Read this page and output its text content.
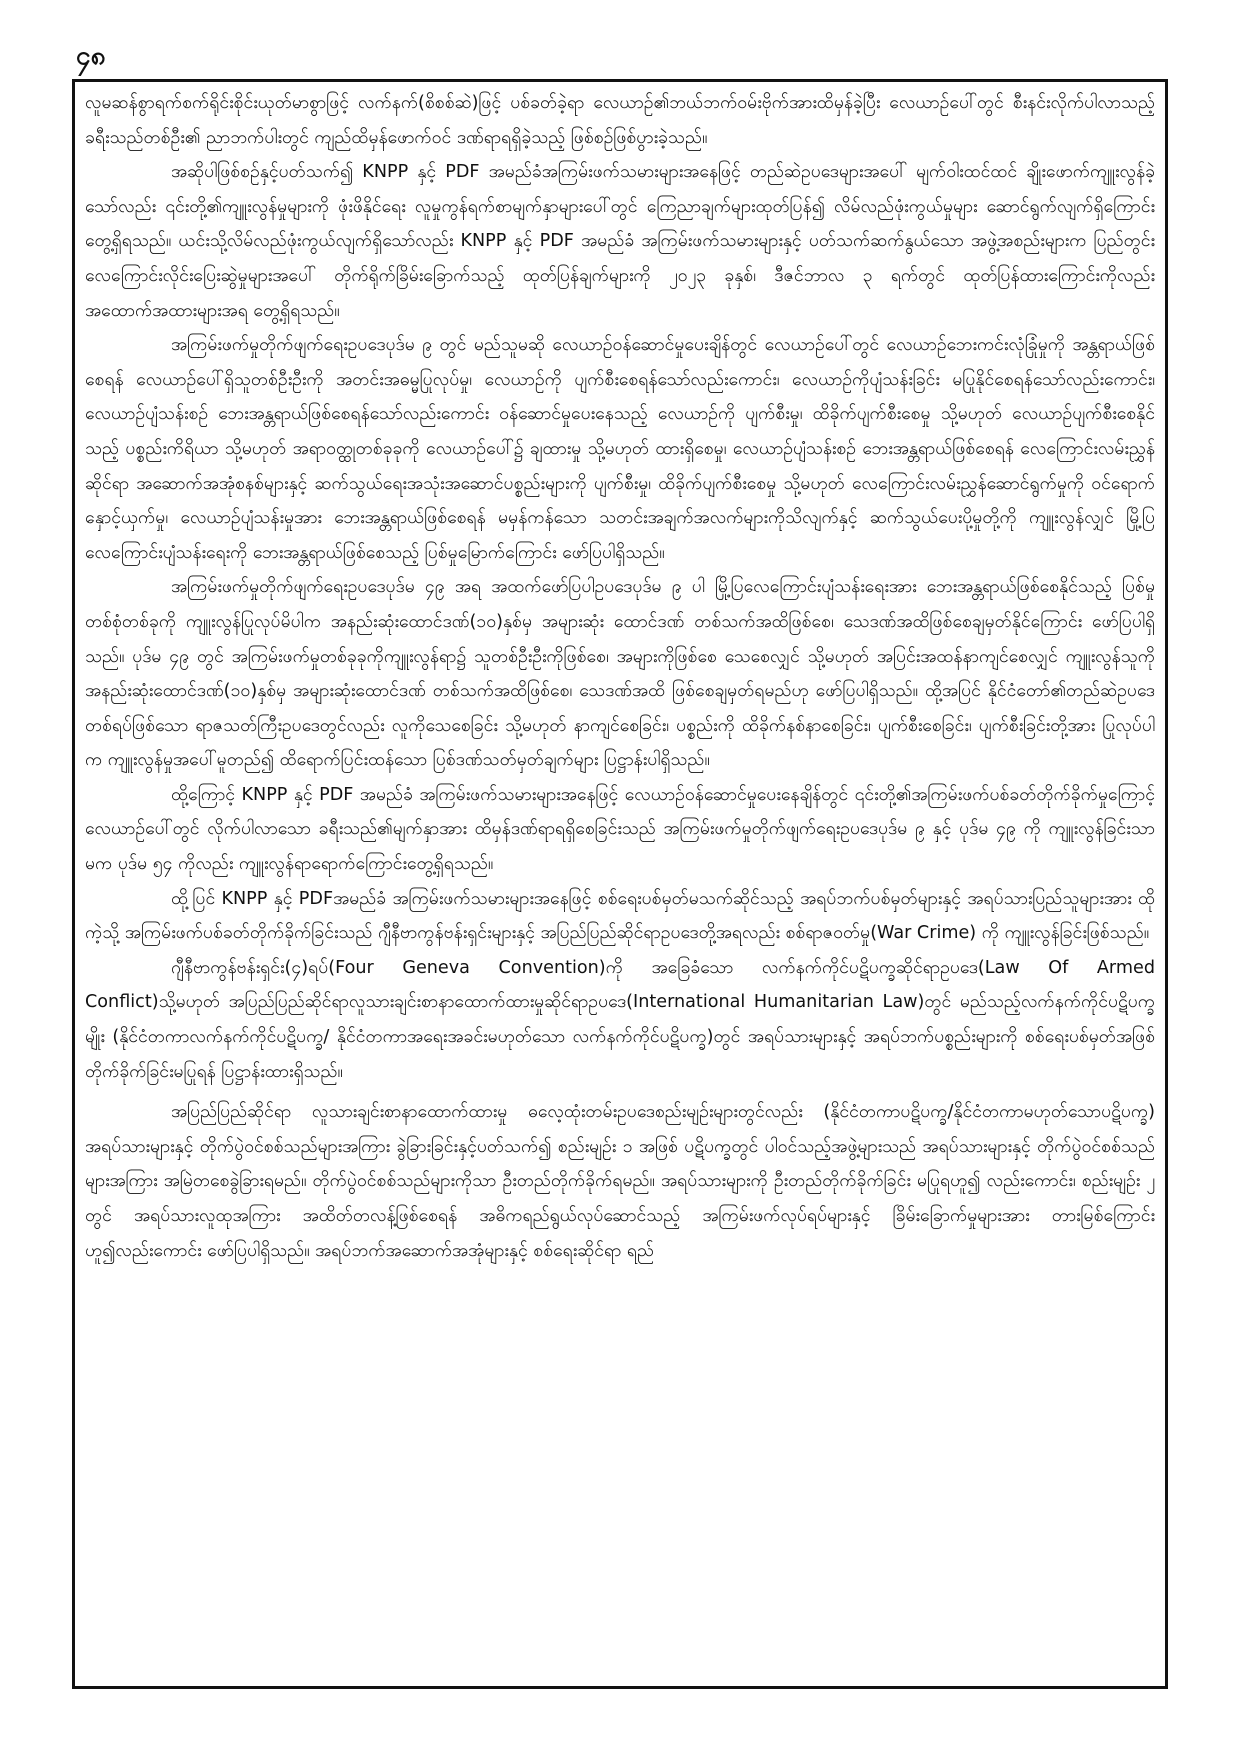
၄၈

လူမဆန်စွာရက်စက်ရိုင်းစိုင်းယုတ်မာစွာဖြင့် လက်နက်(စိစစ်ဆဲ)ဖြင့် ပစ်ခတ်ခဲ့ရာ လေယာဉ်၏ဘယ်ဘက်ဝမ်းဗိုက်အားထိမှန်ခဲ့ပြီး လေယာဉ်ပေါ်တွင် စီးနင်းလိုက်ပါလာသည့် ခရီးသည်တစ်ဦး၏ ညာဘက်ပါးတွင် ကျည်ထိမှန်ဖောက်ဝင် ဒဏ်ရာရရှိခဲ့သည့် ဖြစ်စဉ်ဖြစ်ပွားခဲ့သည်။

အဆိုပါဖြစ်စဉ်နှင့်ပတ်သက်၍ KNPP နှင့် PDF အမည်ခံအကြမ်းဖက်သမားများအနေဖြင့် တည်ဆဲဥပဒေများအပေါ် မျက်ဝါးထင်ထင် ချိုးဖောက်ကျူးလွန်ခဲ့သော်လည်း ၎င်းတို့၏ကျူးလွန်မှုများကို ဖုံးဖိနိုင်ရေး လူမှုကွန်ရက်စာမျက်နှာများပေါ်တွင် ကြေညာချက်များထုတ်ပြန်၍ လိမ်လည်ဖုံးကွယ်မှုများ ဆောင်ရွက်လျက်ရှိကြောင်း တွေ့ရှိရသည်။ ယင်းသို့လိမ်လည်ဖုံးကွယ်လျက်ရှိသော်လည်း KNPP နှင့် PDF အမည်ခံ အကြမ်းဖက်သမားများနှင့် ပတ်သက်ဆက်နွယ်သော အဖွဲ့အစည်းများက ပြည်တွင်း လေကြောင်းလိုင်းပြေးဆွဲမှုများအပေါ် တိုက်ရိုက်ခြိမ်းခြောက်သည့် ထုတ်ပြန်ချက်များကို ၂၀၂၃ ခုနှစ်၊ ဒီဇင်ဘာလ ၃ ရက်တွင် ထုတ်ပြန်ထားကြောင်းကိုလည်း အထောက်အထားများအရ တွေ့ရှိရသည်။

အကြမ်းဖက်မှုတိုက်ဖျက်ရေးဥပဒေပုဒ်မ ၉ တွင် မည်သူမဆို လေယာဉ်ဝန်ဆောင်မှုပေးချိန်တွင် လေယာဉ်ပေါ်တွင် လေယာဉ်ဘေးကင်းလုံခြုံမှုကို အန္တရာယ်ဖြစ်စေရန် လေယာဉ်ပေါ်ရှိသူတစ်ဦးဦးကို အတင်းအဓမ္မပြုလုပ်မှု၊ လေယာဉ်ကို ပျက်စီးစေရန်သော်လည်းကောင်း၊ လေယာဉ်ကိုပျံသန်းခြင်း မပြုနိုင်စေရန်သော်လည်းကောင်း၊ လေယာဉ်ပျံသန်းစဉ် ဘေးအန္တရာယ်ဖြစ်စေရန်သော်လည်းကောင်း ဝန်ဆောင်မှုပေးနေသည့် လေယာဉ်ကို ပျက်စီးမှု၊ ထိခိုက်ပျက်စီးစေမှု သို့မဟုတ် လေယာဉ်ပျက်စီးစေနိုင်သည့် ပစ္စည်းကိရိယာ သို့မဟုတ် အရာဝတ္ထုတစ်ခုခုကို လေယာဉ်ပေါ်၌ ချထားမှု သို့မဟုတ် ထားရှိစေမှု၊ လေယာဉ်ပျံသန်းစဉ် ဘေးအန္တရာယ်ဖြစ်စေရန် လေကြောင်းလမ်းညွှန်ဆိုင်ရာ အဆောက်အအုံစနစ်များနှင့် ဆက်သွယ်ရေးအသုံးအဆောင်ပစ္စည်းများကို ပျက်စီးမှု၊ ထိခိုက်ပျက်စီးစေမှု သို့မဟုတ် လေကြောင်းလမ်းညွှန်ဆောင်ရွက်မှုကို ဝင်ရောက်နှောင့်ယှက်မှု၊ လေယာဉ်ပျံသန်းမှုအား ဘေးအန္တရာယ်ဖြစ်စေရန် မမှန်ကန်သော သတင်းအချက်အလက်များကိုသိလျက်နှင့် ဆက်သွယ်ပေးပို့မှုတို့ကို ကျူးလွန်လျှင် မြို့ပြလေကြောင်းပျံသန်းရေးကို ဘေးအန္တရာယ်ဖြစ်စေသည့် ပြစ်မှုမြောက်ကြောင်း ဖော်ပြပါရှိသည်။

အကြမ်းဖက်မှုတိုက်ဖျက်ရေးဥပဒေပုဒ်မ ၄၉ အရ အထက်ဖော်ပြပါဥပဒေပုဒ်မ ၉ ပါ မြို့ပြလေကြောင်းပျံသန်းရေးအား ဘေးအန္တရာယ်ဖြစ်စေနိုင်သည့် ပြစ်မှုတစ်စုံတစ်ခုကို ကျူးလွန်ပြုလုပ်မိပါက အနည်းဆုံးထောင်ဒဏ်(၁၀)နှစ်မှ အများဆုံး ထောင်ဒဏ် တစ်သက်အထိဖြစ်စေ၊ သေဒဏ်အထိဖြစ်စေချမှတ်နိုင်ကြောင်း ဖော်ပြပါရှိသည်။ ပုဒ်မ ၄၉ တွင် အကြမ်းဖက်မှုတစ်ခုခုကိုကျူးလွန်ရာ၌ သူတစ်ဦးဦးကိုဖြစ်စေ၊ အများကိုဖြစ်စေ သေစေလျှင် သို့မဟုတ် အပြင်းအထန်နာကျင်စေလျှင် ကျူးလွန်သူကို အနည်းဆုံးထောင်ဒဏ်(၁၀)နှစ်မှ အများဆုံးထောင်ဒဏ် တစ်သက်အထိဖြစ်စေ၊ သေဒဏ်အထိ ဖြစ်စေချမှတ်ရမည်ဟု ဖော်ပြပါရှိသည်။ ထို့အပြင် နိုင်ငံတော်၏တည်ဆဲဥပဒေတစ်ရပ်ဖြစ်သော ရာဇသတ်ကြီးဥပဒေတွင်လည်း လူကိုသေစေခြင်း သို့မဟုတ် နာကျင်စေခြင်း၊ ပစ္စည်းကို ထိခိုက်နစ်နာစေခြင်း၊ ပျက်စီးစေခြင်း၊ ပျက်စီးခြင်းတို့အား ပြုလုပ်ပါက ကျူးလွန်မှုအပေါ်မူတည်၍ ထိရောက်ပြင်းထန်သော ပြစ်ဒဏ်သတ်မှတ်ချက်များ ပြဋ္ဌာန်းပါရှိသည်။

ထို့ကြောင့် KNPP နှင့် PDF အမည်ခံ အကြမ်းဖက်သမားများအနေဖြင့် လေယာဉ်ဝန်ဆောင်မှုပေးနေချိန်တွင် ၎င်းတို့၏အကြမ်းဖက်ပစ်ခတ်တိုက်ခိုက်မှုကြောင့် လေယာဉ်ပေါ်တွင် လိုက်ပါလာသော ခရီးသည်၏မျက်နှာအား ထိမှန်ဒဏ်ရာရရှိစေခြင်းသည် အကြမ်းဖက်မှုတိုက်ဖျက်ရေးဥပဒေပုဒ်မ ၉ နှင့် ပုဒ်မ ၄၉ ကို ကျူးလွန်ခြင်းသာမက ပုဒ်မ ၅၄ ကိုလည်း ကျူးလွန်ရာရောက်ကြောင်းတွေ့ရှိရသည်။

ထို့ပြင် KNPP နှင့် PDFအမည်ခံ အကြမ်းဖက်သမားများအနေဖြင့် စစ်ရေးပစ်မှတ်မသက်ဆိုင်သည့် အရပ်ဘက်ပစ်မှတ်များနှင့် အရပ်သားပြည်သူများအား ထိုကဲ့သို့ အကြမ်းဖက်ပစ်ခတ်တိုက်ခိုက်ခြင်းသည် ဂျီနီဗာကွန်ဗန်းရှင်းများနှင့် အပြည်ပြည်ဆိုင်ရာဥပဒေတို့အရလည်း စစ်ရာဇဝတ်မှု(War Crime) ကို ကျူးလွန်ခြင်းဖြစ်သည်။

ဂျီနီဗာကွန်ဗန်းရှင်း(၄)ရပ်(Four Geneva Convention)ကို အခြေခံသော လက်နက်ကိုင်ပဋိပက္ခဆိုင်ရာဥပဒေ(Law Of Armed Conflict)သို့မဟုတ် အပြည်ပြည်ဆိုင်ရာလူသားချင်းစာနာထောက်ထားမှုဆိုင်ရာဥပဒေ(International Humanitarian Law)တွင် မည်သည့်လက်နက်ကိုင်ပဋိပက္ခမျိုး (နိုင်ငံတကာလက်နက်ကိုင်ပဋိပက္ခ/ နိုင်ငံတကာအရေးအခင်းမဟုတ်သော လက်နက်ကိုင်ပဋိပက္ခ)တွင် အရပ်သားများနှင့် အရပ်ဘက်ပစ္စည်းများကို စစ်ရေးပစ်မှတ်အဖြစ် တိုက်ခိုက်ခြင်းမပြုရန် ပြဋ္ဌာန်းထားရှိသည်။

အပြည်ပြည်ဆိုင်ရာ လူသားချင်းစာနာထောက်ထားမှု ဓလေ့ထုံးတမ်းဥပဒေစည်းမျဉ်းများတွင်လည်း (နိုင်ငံတကာပဋိပက္ခ/နိုင်ငံတကာမဟုတ်သောပဋိပက္ခ) အရပ်သားများနှင့် တိုက်ပွဲဝင်စစ်သည်များအကြား ခွဲခြားခြင်းနှင့်ပတ်သက်၍ စည်းမျဉ်း ၁ အဖြစ် ပဋိပက္ခတွင် ပါဝင်သည့်အဖွဲ့များသည် အရပ်သားများနှင့် တိုက်ပွဲဝင်စစ်သည်များအကြား အမြဲတစေခွဲခြားရမည်။ တိုက်ပွဲဝင်စစ်သည်များကိုသာ ဦးတည်တိုက်ခိုက်ရမည်။ အရပ်သားများကို ဦးတည်တိုက်ခိုက်ခြင်း မပြုရဟူ၍ လည်းကောင်း၊ စည်းမျဉ်း ၂ တွင် အရပ်သားလူထုအကြား အထိတ်တလန့်ဖြစ်စေရန် အဓိကရည်ရွယ်လုပ်ဆောင်သည့် အကြမ်းဖက်လုပ်ရပ်များနှင့် ခြိမ်းခြောက်မှုများအား တားမြစ်ကြောင်းဟူ၍လည်းကောင်း ဖော်ပြပါရှိသည်။ အရပ်ဘက်အဆောက်အအုံများနှင့် စစ်ရေးဆိုင်ရာ ရည်
